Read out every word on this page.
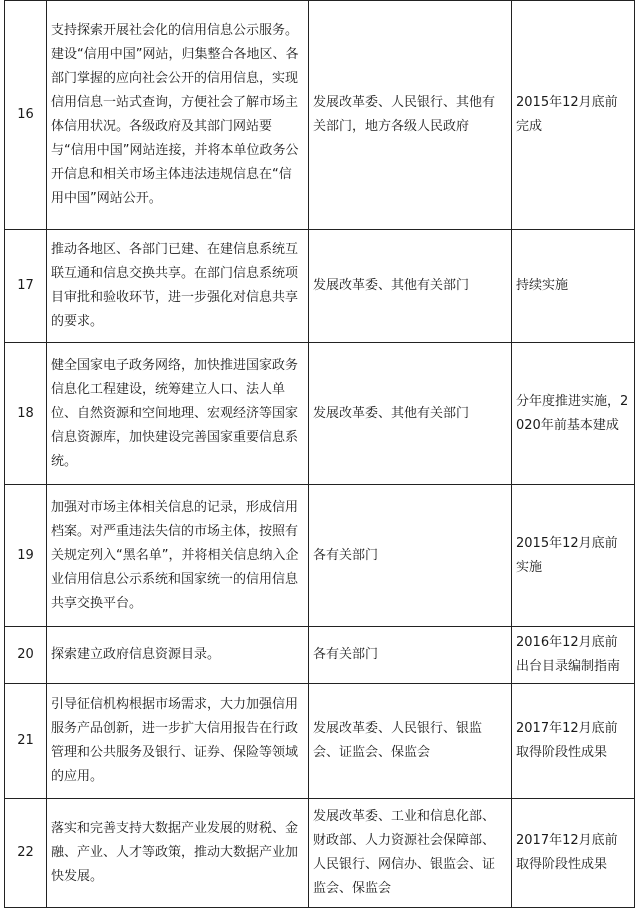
16	支持探索开展社会化的信用信息公示服务。建设“信用中国”网站，归集整合各地区、各部门掌握的应向社会公开的信用信息，实现信用信息一站式查询，方便社会了解市场主体信用状况。各级政府及其部门网站要与“信用中国”网站连接，并将本单位政务公开信息和相关市场主体违法违规信息在“信用中国”网站公开。	发展改革委、人民银行、其他有关部门，地方各级人民政府	2015年12月底前完成
17	推动各地区、各部门已建、在建信息系统互联互通和信息交换共享。在部门信息系统项目审批和验收环节，进一步强化对信息共享的要求。	发展改革委、其他有关部门	持续实施
18	健全国家电子政务网络，加快推进国家政务信息化工程建设，统筹建立人口、法人单位、自然资源和空间地理、宏观经济等国家信息资源库，加快建设完善国家重要信息系统。	发展改革委、其他有关部门	分年度推进实施，2020年前基本建成
19	加强对市场主体相关信息的记录，形成信用档案。对严重违法失信的市场主体，按照有关规定列入“黑名单”，并将相关信息纳入企业信用信息公示系统和国家统一的信用信息共享交换平台。	各有关部门	2015年12月底前实施
20	探索建立政府信息资源目录。	各有关部门	2016年12月底前出台目录编制指南
21	引导征信机构根据市场需求，大力加强信用服务产品创新，进一步扩大信用报告在行政管理和公共服务及银行、证券、保险等领域的应用。	发展改革委、人民银行、银监会、证监会、保监会	2017年12月底前取得阶段性成果
22	落实和完善支持大数据产业发展的财税、金融、产业、人才等政策，推动大数据产业加快发展。	发展改革委、工业和信息化部、财政部、人力资源社会保障部、人民银行、网信办、银监会、证监会、保监会	2017年12月底前取得阶段性成果
